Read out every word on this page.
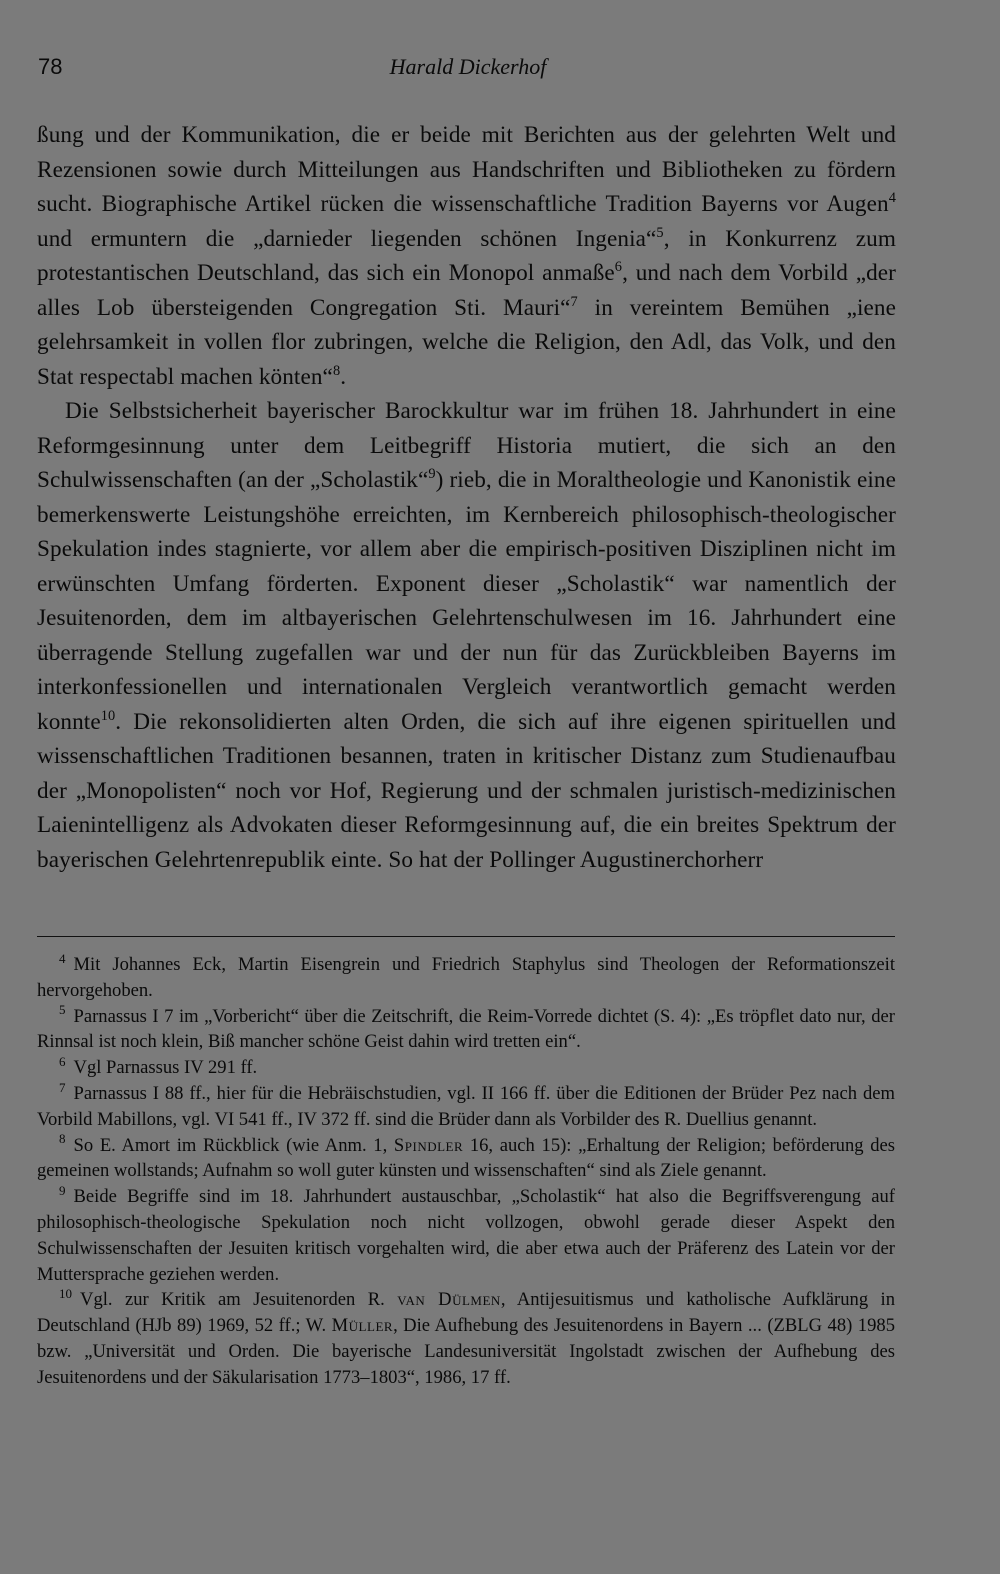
78	Harald Dickerhof

ßung und der Kommunikation, die er beide mit Berichten aus der gelehrten Welt und Rezensionen sowie durch Mitteilungen aus Handschriften und Bibliotheken zu fördern sucht. Biographische Artikel rücken die wissenschaftliche Tradition Bayerns vor Augen$^4$ und ermuntern die „darnieder liegenden schönen Ingenia“$^5$, in Konkurrenz zum protestantischen Deutschland, das sich ein Monopol anmaße$^6$, und nach dem Vorbild „der alles Lob übersteigenden Congregation Sti. Mauri“$^7$ in vereintem Bemühen „iene gelehrsamkeit in vollen flor zubringen, welche die Religion, den Adl, das Volk, und den Stat respectabl machen könten“$^8$.

Die Selbstsicherheit bayerischer Barockkultur war im frühen 18. Jahrhundert in eine Reformgesinnung unter dem Leitbegriff Historia mutiert, die sich an den Schulwissenschaften (an der „Scholastik“$^9$) rieb, die in Moraltheologie und Kanonistik eine bemerkenswerte Leistungshöhe erreichten, im Kernbereich philosophisch-theologischer Spekulation indes stagnierte, vor allem aber die empirisch-positiven Disziplinen nicht im erwünschten Umfang förderten. Exponent dieser „Scholastik“ war namentlich der Jesuitenorden, dem im altbayerischen Gelehrtenschulwesen im 16. Jahrhundert eine überragende Stellung zugefallen war und der nun für das Zurückbleiben Bayerns im interkonfessionellen und internationalen Vergleich verantwortlich gemacht werden konnte$^{10}$. Die rekonsolidierten alten Orden, die sich auf ihre eigenen spirituellen und wissenschaftlichen Traditionen besannen, traten in kritischer Distanz zum Studienaufbau der „Monopolisten“ noch vor Hof, Regierung und der schmalen juristisch-medizinischen Laienintelligenz als Advokaten dieser Reformgesinnung auf, die ein breites Spektrum der bayerischen Gelehrtenrepublik einte. So hat der Pollinger Augustinerchorherr

$^4$ Mit Johannes Eck, Martin Eisengrein und Friedrich Staphylus sind Theologen der Reformationszeit hervorgehoben.

$^5$ Parnassus I 7 im „Vorbericht“ über die Zeitschrift, die Reim-Vorrede dichtet (S. 4): „Es tröpflet dato nur, der Rinnsal ist noch klein, Biß mancher schöne Geist dahin wird tretten ein“.

$^6$ Vgl Parnassus IV 291 ff.

$^7$ Parnassus I 88 ff., hier für die Hebräischstudien, vgl. II 166 ff. über die Editionen der Brüder Pez nach dem Vorbild Mabillons, vgl. VI 541 ff., IV 372 ff. sind die Brüder dann als Vorbilder des R. Duellius genannt.

$^8$ So E. Amort im Rückblick (wie Anm. 1, Spindler 16, auch 15): „Erhaltung der Religion; beförderung des gemeinen wollstands; Aufnahm so woll guter künsten und wissenschaften“ sind als Ziele genannt.

$^9$ Beide Begriffe sind im 18. Jahrhundert austauschbar, „Scholastik“ hat also die Begriffsverengung auf philosophisch-theologische Spekulation noch nicht vollzogen, obwohl gerade dieser Aspekt den Schulwissenschaften der Jesuiten kritisch vorgehalten wird, die aber etwa auch der Präferenz des Latein vor der Muttersprache geziehen werden.

$^{10}$ Vgl. zur Kritik am Jesuitenorden R. van Dülmen, Antijesuitismus und katholische Aufklärung in Deutschland (HJb 89) 1969, 52 ff.; W. Müller, Die Aufhebung des Jesuitenordens in Bayern ... (ZBLG 48) 1985 bzw. „Universität und Orden. Die bayerische Landesuniversität Ingolstadt zwischen der Aufhebung des Jesuitenordens und der Säkularisation 1773–1803“, 1986, 17 ff.
